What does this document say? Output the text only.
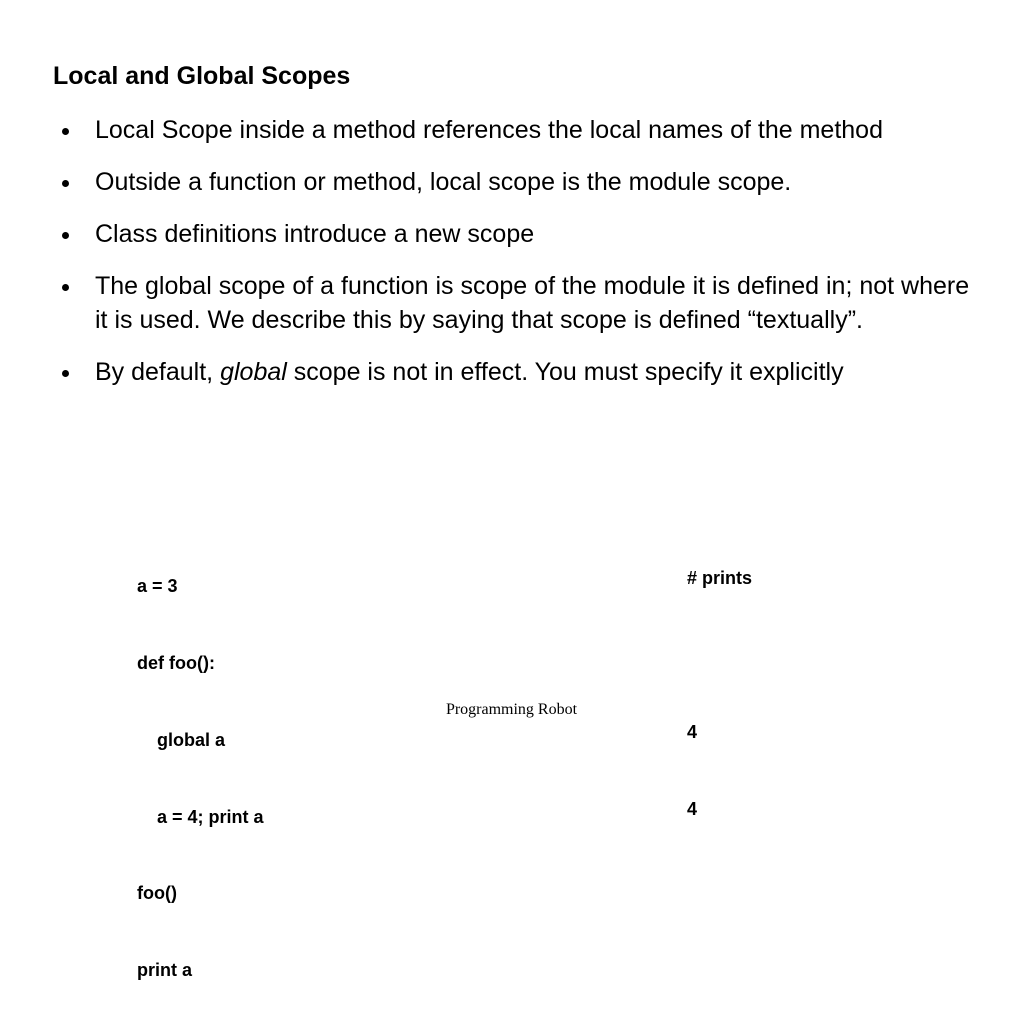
Local and Global Scopes
Local Scope inside a method references the local names of the method
Outside a function or method, local scope is the module scope.
Class definitions introduce a new scope
The global scope of a function is scope of the module it is defined in; not where it is used. We describe this by saying that scope is defined “textually”.
By default, global scope is not in effect. You must specify it explicitly

a = 3

def foo():

global a

a = 4; print a

foo()

print a

# prints

4

4

Programming Robot
